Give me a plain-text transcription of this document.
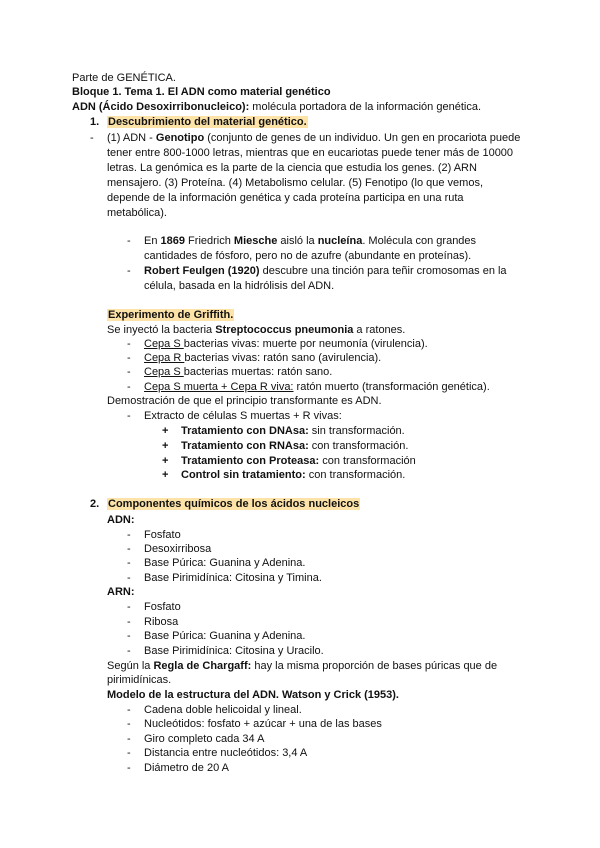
Parte de GENÉTICA.
Bloque 1. Tema 1. El ADN como material genético
ADN (Ácido Desoxirribonucleico): molécula portadora de la información genética.
1. Descubrimiento del material genético.
- (1) ADN - Genotipo (conjunto de genes de un individuo. Un gen en procariota puede
tener entre 800-1000 letras, mientras que en eucariotas puede tener más de 10000
letras. La genómica es la parte de la ciencia que estudia los genes. (2) ARN
mensajero. (3) Proteína. (4) Metabolismo celular. (5) Fenotipo (lo que vemos,
depende de la información genética y cada proteína participa en una ruta
metabólica).
- En 1869 Friedrich Miesche aisló la nucleína. Molécula con grandes
cantidades de fósforo, pero no de azufre (abundante en proteínas).
- Robert Feulgen (1920) descubre una tinción para teñir cromosomas en la
célula, basada en la hidrólisis del ADN.
Experimento de Griffith.
Se inyectó la bacteria Streptococcus pneumonia a ratones.
- Cepa S bacterias vivas: muerte por neumonía (virulencia).
- Cepa R bacterias vivas: ratón sano (avirulencia).
- Cepa S bacterias muertas: ratón sano.
- Cepa S muerta + Cepa R viva: ratón muerto (transformación genética).
Demostración de que el principio transformante es ADN.
- Extracto de células S muertas + R vivas:
+ Tratamiento con DNAsa: sin transformación.
+ Tratamiento con RNAsa: con transformación.
+ Tratamiento con Proteasa: con transformación
+ Control sin tratamiento: con transformación.
2. Componentes químicos de los ácidos nucleicos
ADN:
- Fosfato
- Desoxirribosa
- Base Púrica: Guanina y Adenina.
- Base Pirimidínica: Citosina y Timina.
ARN:
- Fosfato
- Ribosa
- Base Púrica: Guanina y Adenina.
- Base Pirimidínica: Citosina y Uracilo.
Según la Regla de Chargaff: hay la misma proporción de bases púricas que de
pirimidínicas.
Modelo de la estructura del ADN. Watson y Crick (1953).
- Cadena doble helicoidal y lineal.
- Nucleótidos: fosfato + azúcar + una de las bases
- Giro completo cada 34 A
- Distancia entre nucleótidos: 3,4 A
- Diámetro de 20 A
